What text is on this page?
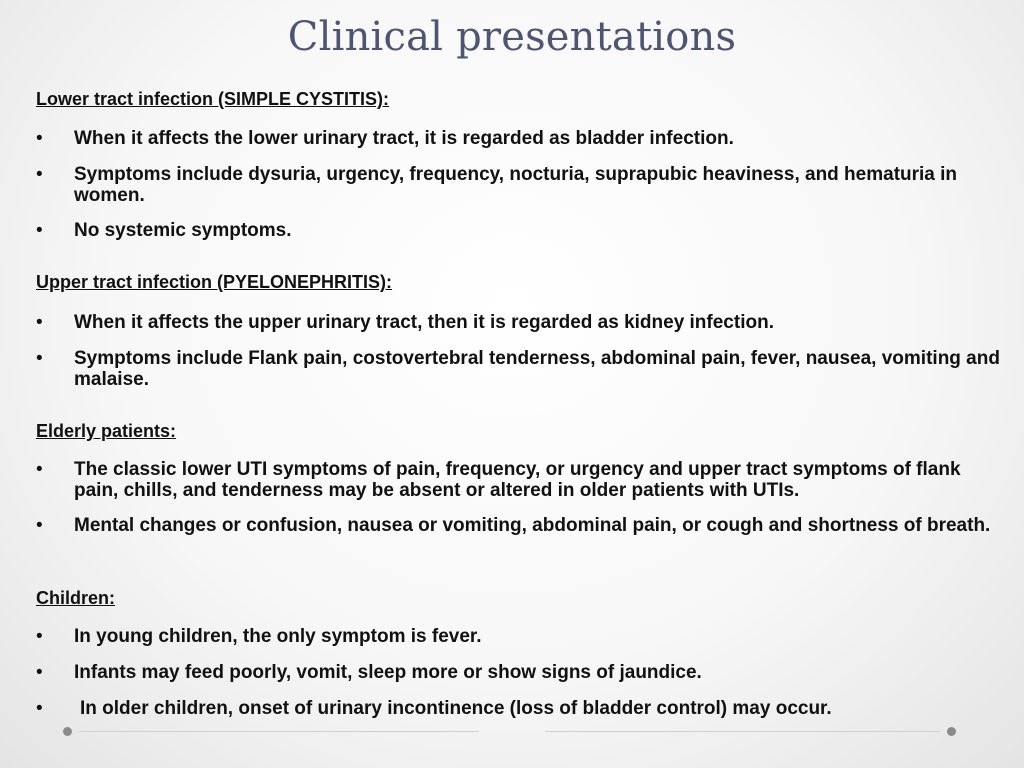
Clinical presentations
Lower tract infection (SIMPLE CYSTITIS):
• When it affects the lower urinary tract, it is regarded as bladder infection.
• Symptoms include dysuria, urgency, frequency, nocturia, suprapubic heaviness, and hematuria in women.
• No systemic symptoms.
Upper tract infection (PYELONEPHRITIS):
• When it affects the upper urinary tract, then it is regarded as kidney infection.
• Symptoms include Flank pain, costovertebral tenderness, abdominal pain, fever, nausea, vomiting and malaise.
Elderly patients:
• The classic lower UTI symptoms of pain, frequency, or urgency and upper tract symptoms of flank pain, chills, and tenderness may be absent or altered in older patients with UTIs.
• Mental changes or confusion, nausea or vomiting, abdominal pain, or cough and shortness of breath.
Children:
• In young children, the only symptom is fever.
• Infants may feed poorly, vomit, sleep more or show signs of jaundice.
• In older children, onset of urinary incontinence (loss of bladder control) may occur.
